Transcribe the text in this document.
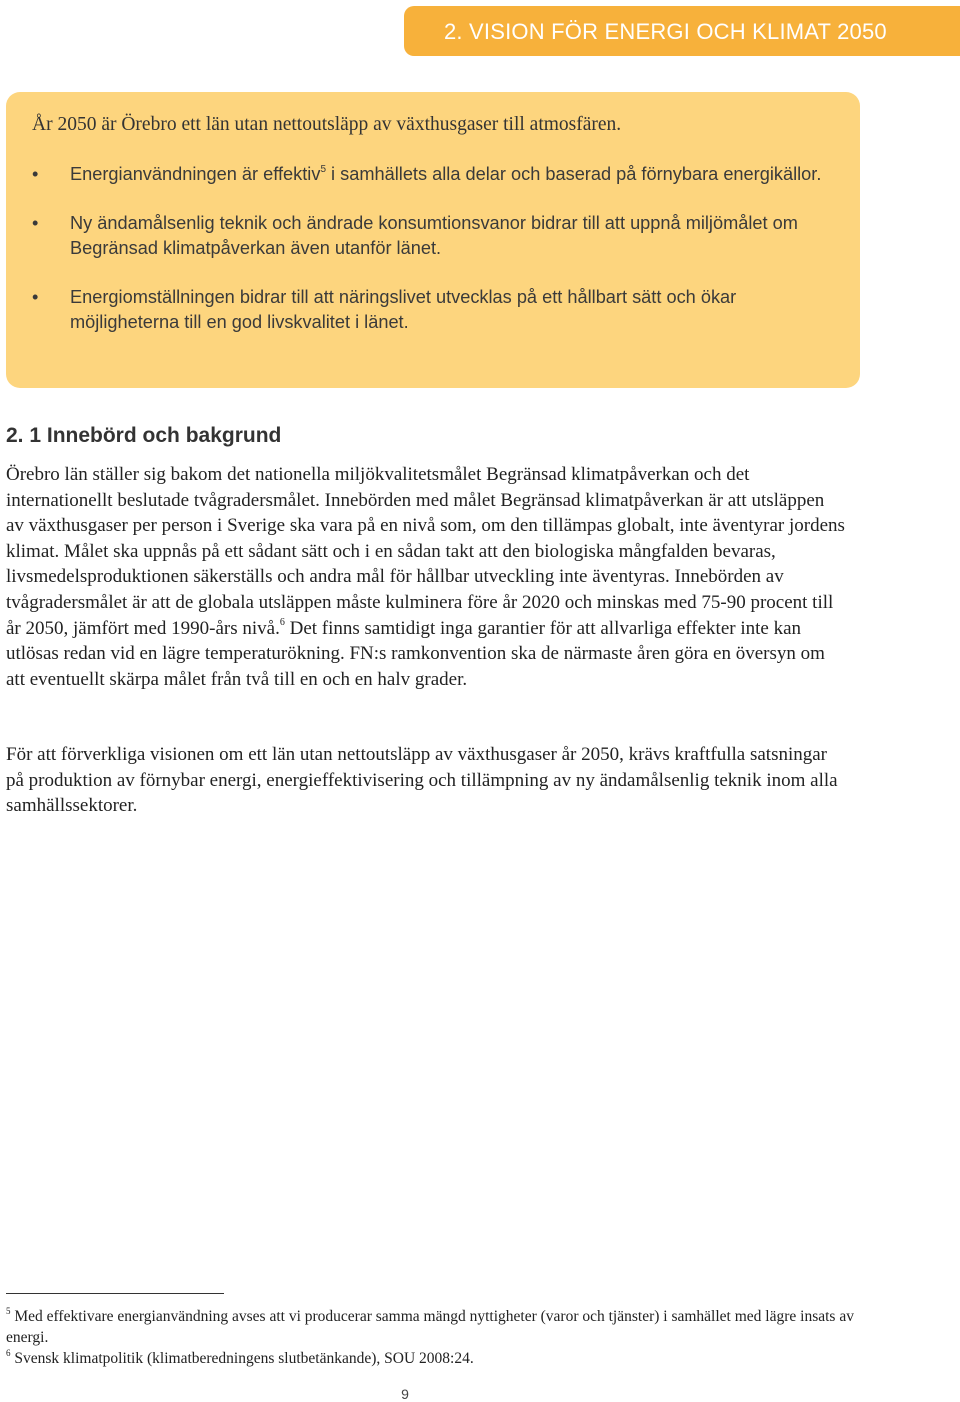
2. VISION FÖR ENERGI OCH KLIMAT 2050

År 2050 är Örebro ett län utan nettoutsläpp av växthusgaser till atmosfären.

• Energianvändningen är effektiv$^5$ i samhällets alla delar och baserad på förnybara energikällor.
• Ny ändamålsenlig teknik och ändrade konsumtionsvanor bidrar till att uppnå miljömålet om Begränsad klimatpåverkan även utanför länet.
• Energiomställningen bidrar till att näringslivet utvecklas på ett hållbart sätt och ökar möjligheterna till en god livskvalitet i länet.
2. 1 Innebörd och bakgrund

Örebro län ställer sig bakom det nationella miljökvalitetsmålet Begränsad klimatpåverkan och det internationellt beslutade tvågradersmålet. Innebörden med målet Begränsad klimatpåverkan är att utsläppen av växthusgaser per person i Sverige ska vara på en nivå som, om den tillämpas globalt, inte äventyrar jordens klimat. Målet ska uppnås på ett sådant sätt och i en sådan takt att den biologiska mångfalden bevaras, livsmedelsproduktionen säkerställs och andra mål för hållbar utveckling inte äventyras. Innebörden av tvågradersmålet är att de globala utsläppen måste kulminera före år 2020 och minskas med 75-90 procent till år 2050, jämfört med 1990-års nivå.$^6$ Det finns samtidigt inga garantier för att allvarliga effekter inte kan utlösas redan vid en lägre temperaturökning. FN:s ramkonvention ska de närmaste åren göra en översyn om att eventuellt skärpa målet från två till en och en halv grader.

För att förverkliga visionen om ett län utan nettoutsläpp av växthusgaser år 2050, krävs kraftfulla satsningar på produktion av förnybar energi, energieffektivisering och tillämpning av ny ändamålsenlig teknik inom alla samhällssektorer.

$^5$ Med effektivare energianvändning avses att vi producerar samma mängd nyttigheter (varor och tjänster) i samhället med lägre insats av energi.

$^6$ Svensk klimatpolitik (klimatberedningens slutbetänkande), SOU 2008:24.

9
